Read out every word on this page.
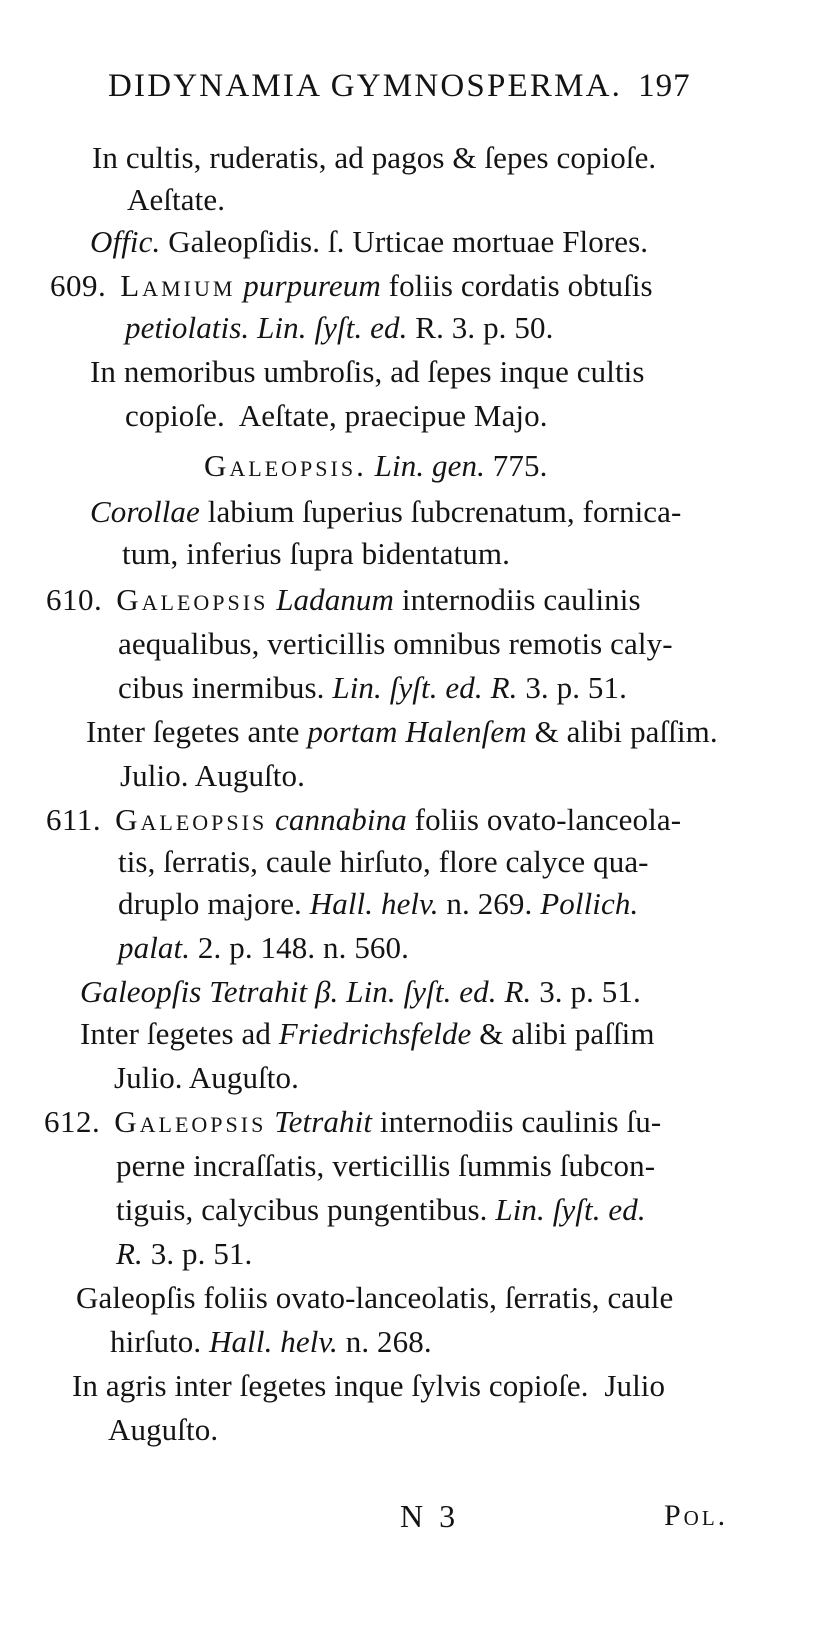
DIDYNAMIA GYMNOSPERMA. 197
In cultis, ruderatis, ad pagos & ſepes copioſe.
Aeſtate.
Offic. Galeopſidis. ſ. Urticae mortuae Flores.
609. Lamium purpureum foliis cordatis obtuſis
petiolatis. Lin. ſyſt. ed. R. 3. p. 50.
In nemoribus umbroſis, ad ſepes inque cultis
copioſe.  Aeſtate, praecipue Majo.
Galeopsis. Lin. gen. 775.
Corollae labium ſuperius ſubcrenatum, fornica-
tum, inferius ſupra bidentatum.
610. Galeopsis Ladanum internodiis caulinis
aequalibus, verticillis omnibus remotis caly-
cibus inermibus. Lin. ſyſt. ed. R. 3. p. 51.
Inter ſegetes ante portam Halenſem & alibi paſſim.
Julio. Auguſto.
611. Galeopsis cannabina foliis ovato-lanceola-
tis, ſerratis, caule hirſuto, flore calyce qua-
druplo majore. Hall. helv. n. 269. Pollich.
palat. 2. p. 148. n. 560.
Galeopſis Tetrahit β. Lin. ſyſt. ed. R. 3. p. 51.
Inter ſegetes ad Friedrichsfelde & alibi paſſim
Julio. Auguſto.
612. Galeopsis Tetrahit internodiis caulinis ſu-
perne incraſſatis, verticillis ſummis ſubcon-
tiguis, calycibus pungentibus. Lin. ſyſt. ed.
R. 3. p. 51.
Galeopſis foliis ovato-lanceolatis, ſerratis, caule
hirſuto. Hall. helv. n. 268.
In agris inter ſegetes inque ſylvis copioſe.  Julio
Auguſto.
N 3	Pol.
